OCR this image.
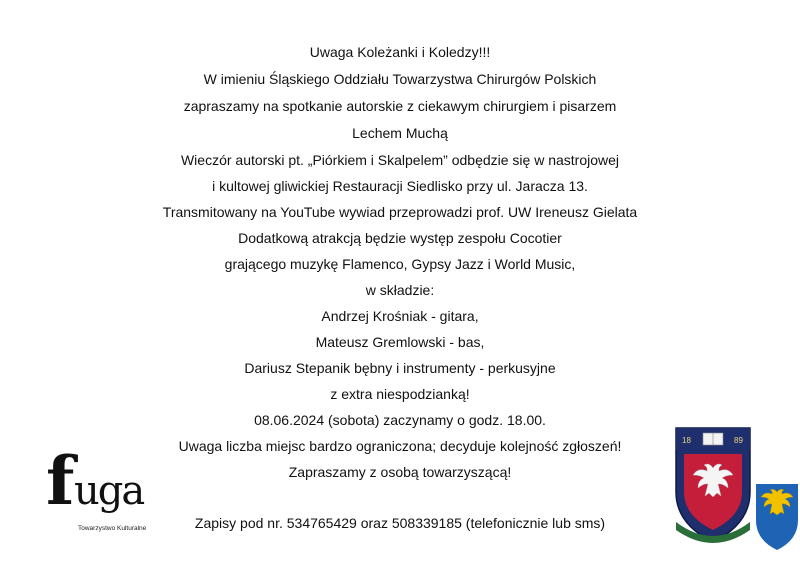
Uwaga Koleżanki i Koledzy!!!
W imieniu Śląskiego Oddziału Towarzystwa Chirurgów Polskich
zapraszamy na spotkanie autorskie z ciekawym chirurgiem i pisarzem
Lechem Muchą
Wieczór autorski pt. „Piórkiem i Skalpelem” odbędzie się w nastrojowej
i kultowej gliwickiej Restauracji Siedlisko przy ul. Jaracza 13.
Transmitowany na YouTube wywiad przeprowadzi prof. UW Ireneusz Gielata
Dodatkową atrakcją będzie występ zespołu Cocotier
grającego muzykę Flamenco, Gypsy Jazz i World Music,
w składzie:
Andrzej Krośniak - gitara,
Mateusz Gremlowski - bas,
Dariusz Stepanik bębny i instrumenty - perkusyjne
z extra niespodzianką!
08.06.2024 (sobota) zaczynamy o godz. 18.00.
Uwaga liczba miejsc bardzo ograniczona; decyduje kolejność zgłoszeń!
Zapraszamy z osobą towarzyszącą!
Zapisy pod nr. 534765429 oraz 508339185 (telefonicznie lub sms)
f uga
Towarzystwo Kulturalne
18	89
